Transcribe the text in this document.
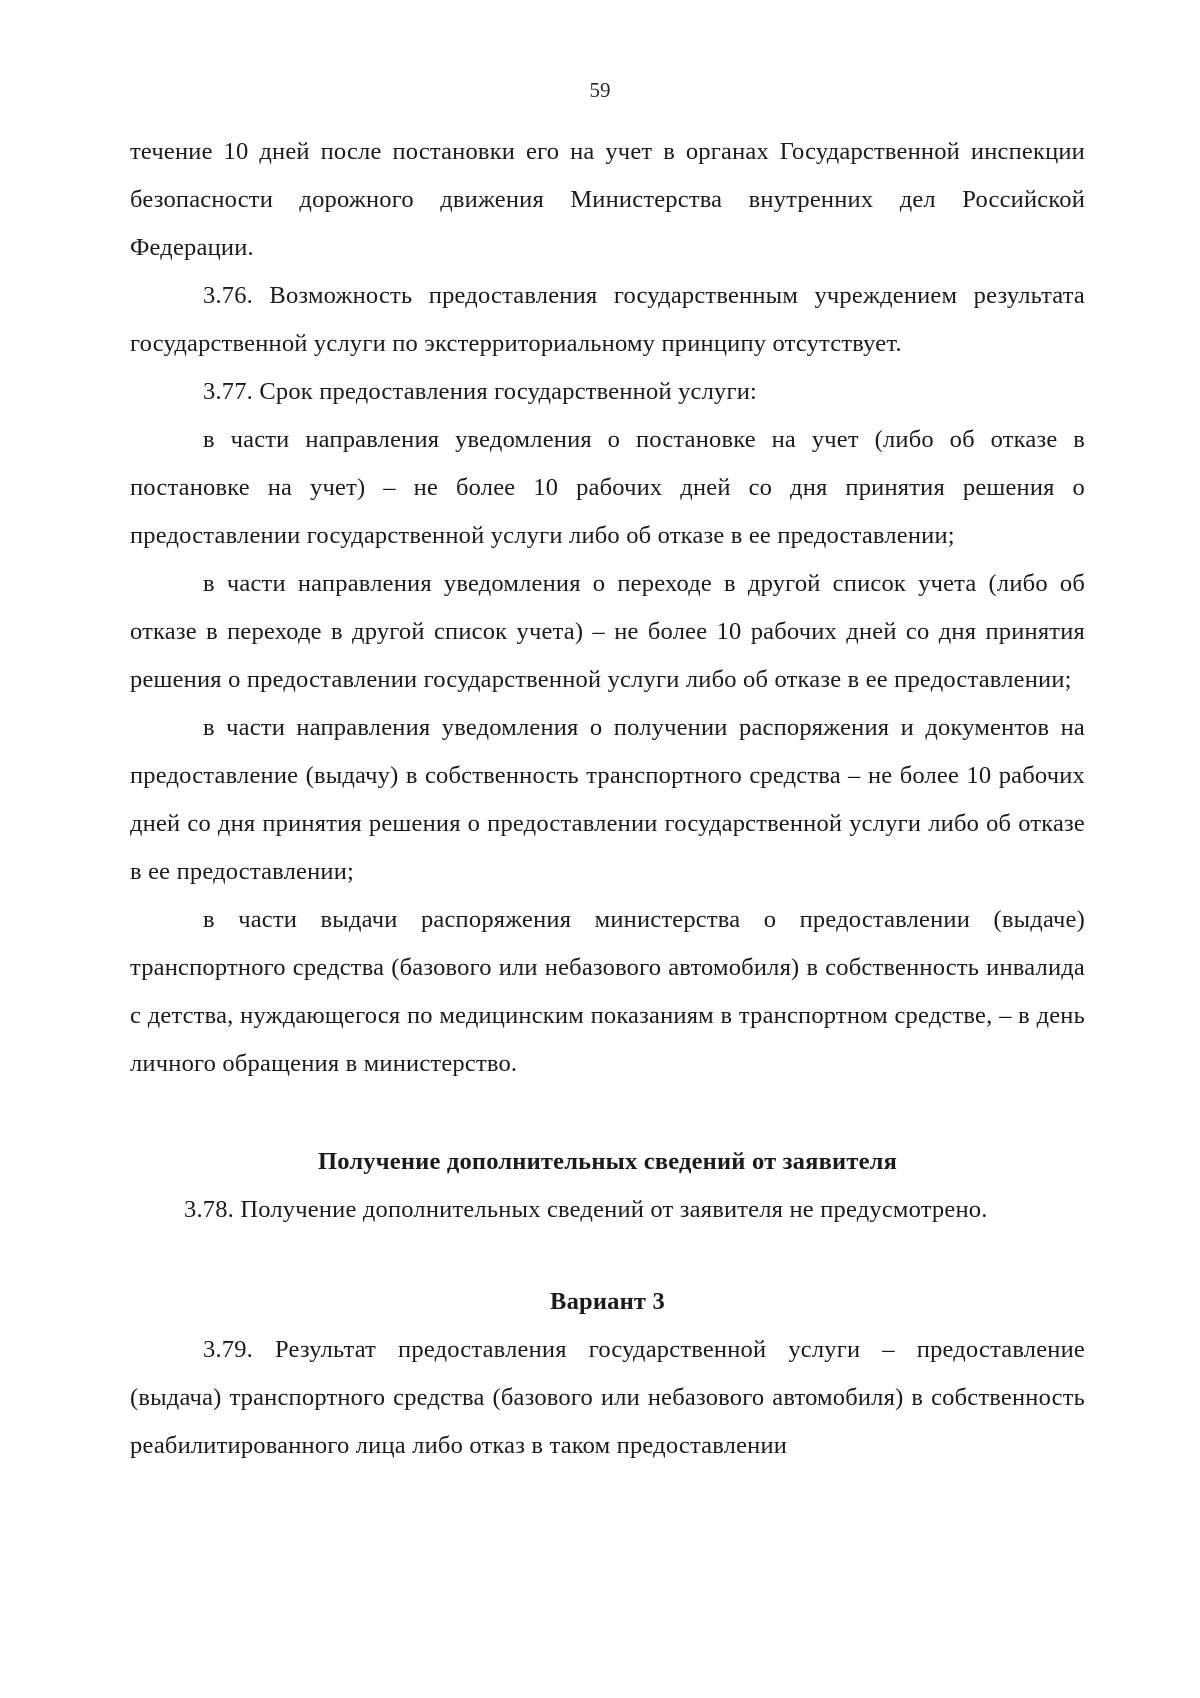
59

течение 10 дней после постановки его на учет в органах Государственной инспекции безопасности дорожного движения Министерства внутренних дел Российской Федерации.

3.76. Возможность предоставления государственным учреждением результата государственной услуги по экстерриториальному принципу отсутствует.

3.77. Срок предоставления государственной услуги:

в части направления уведомления о постановке на учет (либо об отказе в постановке на учет) – не более 10 рабочих дней со дня принятия решения о предоставлении государственной услуги либо об отказе в ее предоставлении;

в части направления уведомления о переходе в другой список учета (либо об отказе в переходе в другой список учета) – не более 10 рабочих дней со дня принятия решения о предоставлении государственной услуги либо об отказе в ее предоставлении;

в части направления уведомления о получении распоряжения и документов на предоставление (выдачу) в собственность транспортного средства – не более 10 рабочих дней со дня принятия решения о предоставлении государственной услуги либо об отказе в ее предоставлении;

в части выдачи распоряжения министерства о предоставлении (выдаче) транспортного средства (базового или небазового автомобиля) в собственность инвалида с детства, нуждающегося по медицинским показаниям в транспортном средстве, – в день личного обращения в министерство.

Получение дополнительных сведений от заявителя

3.78. Получение дополнительных сведений от заявителя не предусмотрено.

Вариант 3

3.79. Результат предоставления государственной услуги – предоставление (выдача) транспортного средства (базового или небазового автомобиля) в собственность реабилитированного лица либо отказ в таком предоставлении
